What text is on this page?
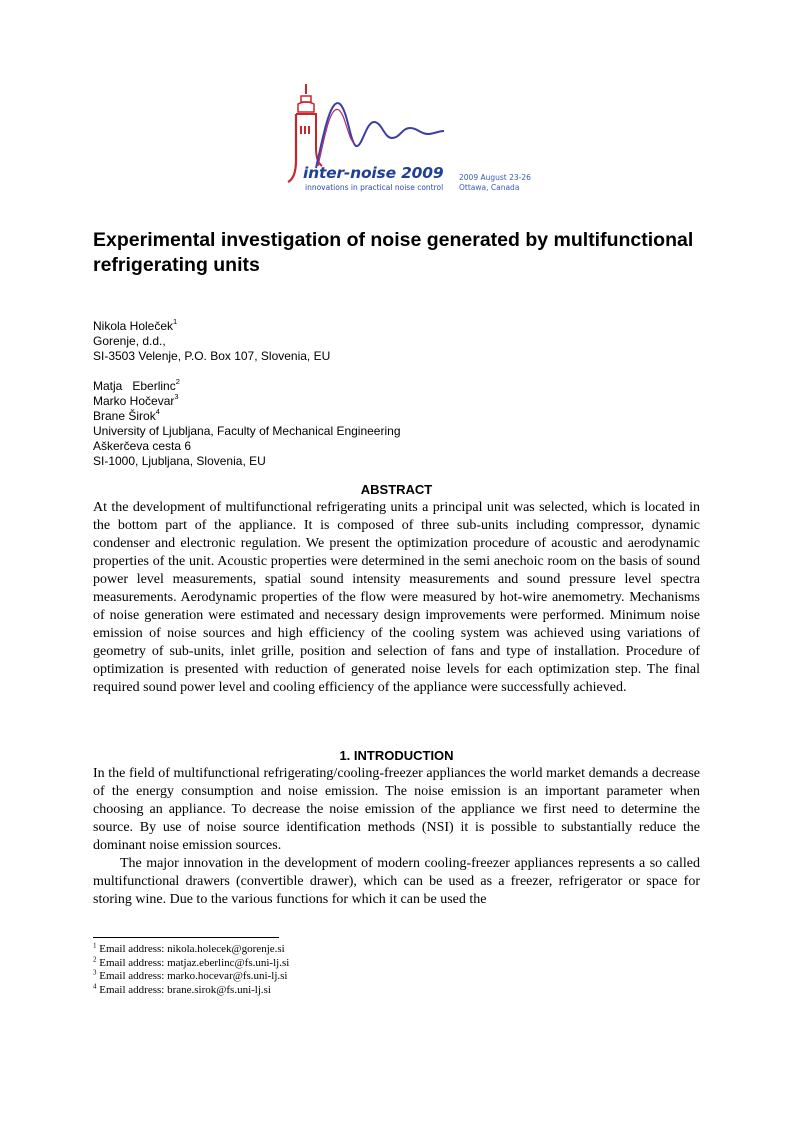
inter-noise 2009
innovations in practical noise control
2009 August 23-26
Ottawa, Canada
Experimental investigation of noise generated by multifunctional refrigerating units
Nikola Holeček$^1$
Gorenje, d.d.,
SI-3503 Velenje, P.O. Box 107, Slovenia, EU
Matja   Eberlinc$^2$
Marko Hočevar$^3$
Brane Širok$^4$
University of Ljubljana, Faculty of Mechanical Engineering
Aškerčeva cesta 6
SI-1000, Ljubljana, Slovenia, EU
ABSTRACT

At the development of multifunctional refrigerating units a principal unit was selected, which is located in the bottom part of the appliance. It is composed of three sub-units including compressor, dynamic condenser and electronic regulation. We present the optimization procedure of acoustic and aerodynamic properties of the unit. Acoustic properties were determined in the semi anechoic room on the basis of sound power level measurements, spatial sound intensity measurements and sound pressure level spectra measurements. Aerodynamic properties of the flow were measured by hot-wire anemometry. Mechanisms of noise generation were estimated and necessary design improvements were performed. Minimum noise emission of noise sources and high efficiency of the cooling system was achieved using variations of geometry of sub-units, inlet grille, position and selection of fans and type of installation. Procedure of optimization is presented with reduction of generated noise levels for each optimization step. The final required sound power level and cooling efficiency of the appliance were successfully achieved.

1. INTRODUCTION

In the field of multifunctional refrigerating/cooling-freezer appliances the world market demands a decrease of the energy consumption and noise emission. The noise emission is an important parameter when choosing an appliance. To decrease the noise emission of the appliance we first need to determine the source. By use of noise source identification methods (NSI) it is possible to substantially reduce the dominant noise emission sources.

The major innovation in the development of modern cooling-freezer appliances represents a so called multifunctional drawers (convertible drawer), which can be used as a freezer, refrigerator or space for storing wine. Due to the various functions for which it can be used the

$^1$ Email address: nikola.holecek@gorenje.si
$^2$ Email address: matjaz.eberlinc@fs.uni-lj.si
$^3$ Email address: marko.hocevar@fs.uni-lj.si
$^4$ Email address: brane.sirok@fs.uni-lj.si
